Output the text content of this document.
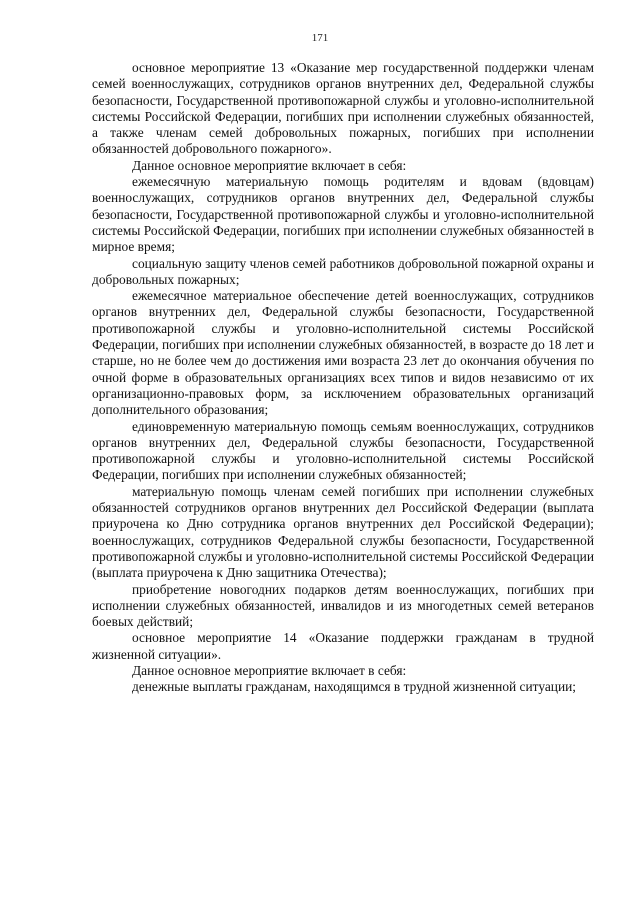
171

основное мероприятие 13 «Оказание мер государственной поддержки членам семей военнослужащих, сотрудников органов внутренних дел, Федеральной службы безопасности, Государственной противопожарной службы и уголовно-исполнительной системы Российской Федерации, погибших при исполнении служебных обязанностей, а также членам семей добровольных пожарных, погибших при исполнении обязанностей добровольного пожарного».

Данное основное мероприятие включает в себя:

ежемесячную материальную помощь родителям и вдовам (вдовцам) военнослужащих, сотрудников органов внутренних дел, Федеральной службы безопасности, Государственной противопожарной службы и уголовно-исполнительной системы Российской Федерации, погибших при исполнении служебных обязанностей в мирное время;

социальную защиту членов семей работников добровольной пожарной охраны и добровольных пожарных;

ежемесячное материальное обеспечение детей военнослужащих, сотрудников органов внутренних дел, Федеральной службы безопасности, Государственной противопожарной службы и уголовно-исполнительной системы Российской Федерации, погибших при исполнении служебных обязанностей, в возрасте до 18 лет и старше, но не более чем до достижения ими возраста 23 лет до окончания обучения по очной форме в образовательных организациях всех типов и видов независимо от их организационно-правовых форм, за исключением образовательных организаций дополнительного образования;

единовременную материальную помощь семьям военнослужащих, сотрудников органов внутренних дел, Федеральной службы безопасности, Государственной противопожарной службы и уголовно-исполнительной системы Российской Федерации, погибших при исполнении служебных обязанностей;

материальную помощь членам семей погибших при исполнении служебных обязанностей сотрудников органов внутренних дел Российской Федерации (выплата приурочена ко Дню сотрудника органов внутренних дел Российской Федерации); военнослужащих, сотрудников Федеральной службы безопасности, Государственной противопожарной службы и уголовно-исполнительной системы Российской Федерации (выплата приурочена к Дню защитника Отечества);

приобретение новогодних подарков детям военнослужащих, погибших при исполнении служебных обязанностей, инвалидов и из многодетных семей ветеранов боевых действий;

основное мероприятие 14 «Оказание поддержки гражданам в трудной жизненной ситуации».

Данное основное мероприятие включает в себя:

денежные выплаты гражданам, находящимся в трудной жизненной ситуации;
